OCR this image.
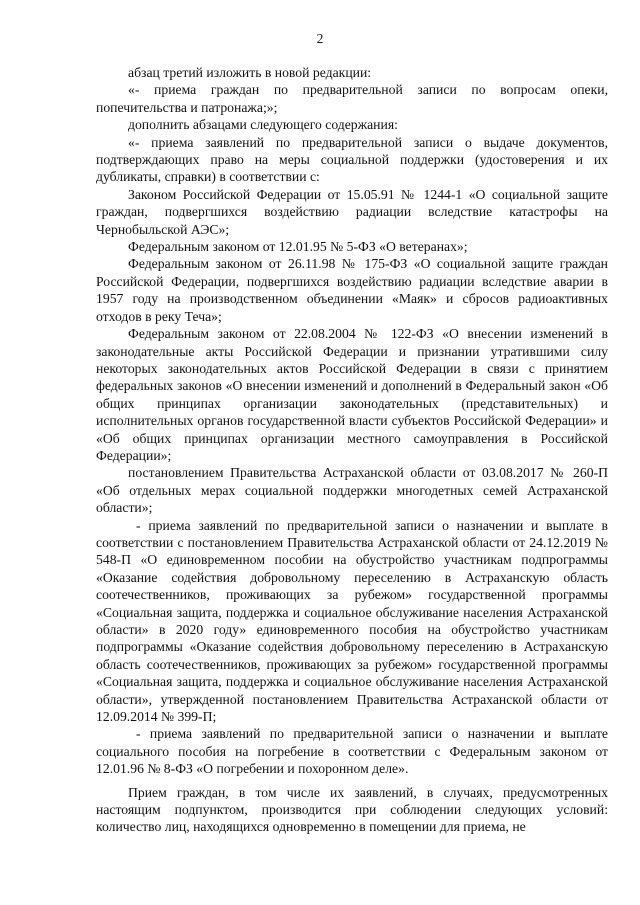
2

абзац третий изложить в новой редакции:

«- приема граждан по предварительной записи по вопросам опеки, попечительства и патронажа;»;

дополнить абзацами следующего содержания:

«- приема заявлений по предварительной записи о выдаче документов, подтверждающих право на меры социальной поддержки (удостоверения и их дубликаты, справки) в соответствии с:

Законом Российской Федерации от 15.05.91 № 1244-1 «О социальной защите граждан, подвергшихся воздействию радиации вследствие катастрофы на Чернобыльской АЭС»;

Федеральным законом от 12.01.95 № 5-ФЗ «О ветеранах»;

Федеральным законом от 26.11.98 № 175-ФЗ «О социальной защите граждан Российской Федерации, подвергшихся воздействию радиации вследствие аварии в 1957 году на производственном объединении «Маяк» и сбросов радиоактивных отходов в реку Теча»;

Федеральным законом от 22.08.2004 № 122-ФЗ «О внесении изменений в законодательные акты Российской Федерации и признании утратившими силу некоторых законодательных актов Российской Федерации в связи с принятием федеральных законов «О внесении изменений и дополнений в Федеральный закон «Об общих принципах организации законодательных (представительных) и исполнительных органов государственной власти субъектов Российской Федерации» и «Об общих принципах организации местного самоуправления в Российской Федерации»;

постановлением Правительства Астраханской области от 03.08.2017 № 260-П «Об отдельных мерах социальной поддержки многодетных семей Астраханской области»;

- приема заявлений по предварительной записи о назначении и выплате в соответствии с постановлением Правительства Астраханской области от 24.12.2019 № 548-П «О единовременном пособии на обустройство участникам подпрограммы «Оказание содействия добровольному переселению в Астраханскую область соотечественников, проживающих за рубежом» государственной программы «Социальная защита, поддержка и социальное обслуживание населения Астраханской области» в 2020 году» единовременного пособия на обустройство участникам подпрограммы «Оказание содействия добровольному переселению в Астраханскую область соотечественников, проживающих за рубежом» государственной программы «Социальная защита, поддержка и социальное обслуживание населения Астраханской области», утвержденной постановлением Правительства Астраханской области от 12.09.2014 № 399-П;

- приема заявлений по предварительной записи о назначении и выплате социального пособия на погребение в соответствии с Федеральным законом от 12.01.96 № 8-ФЗ «О погребении и похоронном деле».

Прием граждан, в том числе их заявлений, в случаях, предусмотренных настоящим подпунктом, производится при соблюдении следующих условий: количество лиц, находящихся одновременно в помещении для приема, не
